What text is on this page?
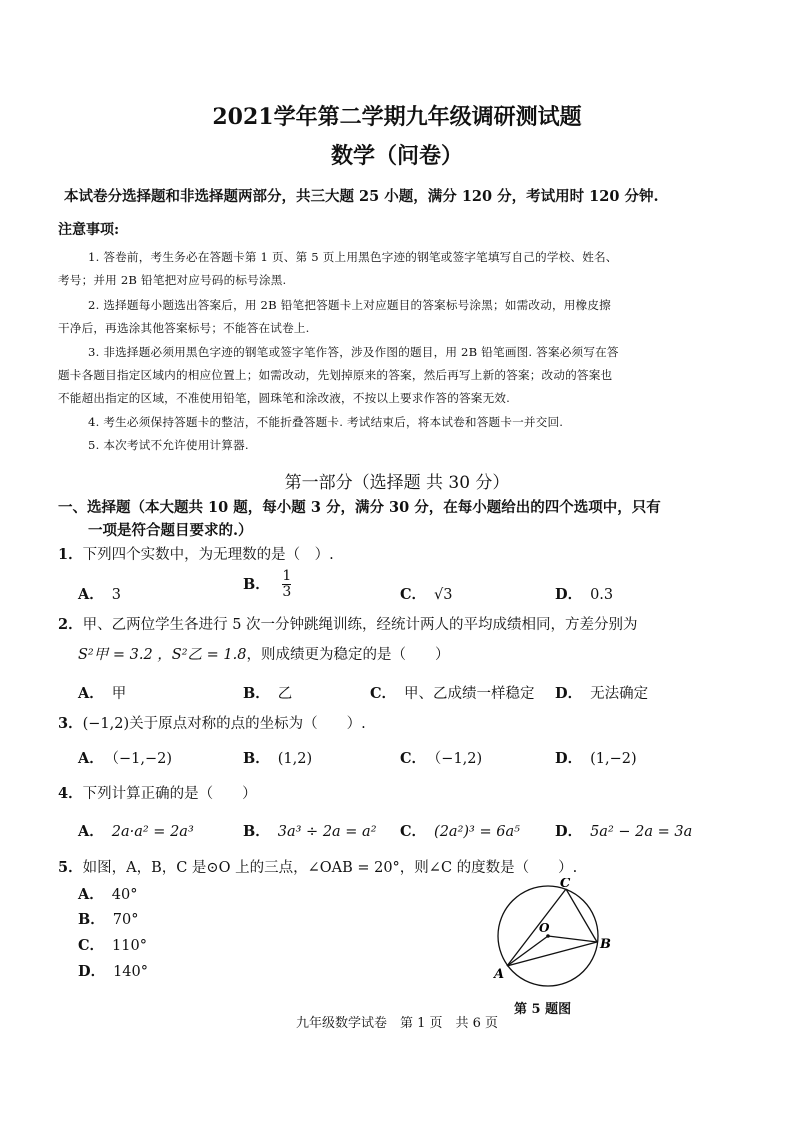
2021学年第二学期九年级调研测试题
数学（问卷）
本试卷分选择题和非选择题两部分，共三大题 25 小题，满分 120 分，考试用时 120 分钟.
注意事项:
1. 答卷前，考生务必在答题卡第 1 页、第 5 页上用黑色字迹的钢笔或签字笔填写自己的学校、姓名、
考号；并用 2B 铅笔把对应号码的标号涂黑.
2. 选择题每小题选出答案后，用 2B 铅笔把答题卡上对应题目的答案标号涂黑；如需改动，用橡皮擦
干净后，再选涂其他答案标号；不能答在试卷上.
3. 非选择题必须用黑色字迹的钢笔或签字笔作答，涉及作图的题目，用 2B 铅笔画图. 答案必须写在答
题卡各题目指定区域内的相应位置上；如需改动，先划掉原来的答案，然后再写上新的答案；改动的答案也
不能超出指定的区域，不准使用铅笔，圆珠笔和涂改液，不按以上要求作答的答案无效.
4. 考生必须保持答题卡的整洁，不能折叠答题卡. 考试结束后，将本试卷和答题卡一并交回.
5. 本次考试不允许使用计算器.
第一部分（选择题 共 30 分）
一、选择题（本大题共 10 题，每小题 3 分，满分 30 分，在每小题给出的四个选项中，只有
一项是符合题目要求的.）
1．下列四个实数中，为无理数的是（　）.
A． 3
B． $\frac{1}{3}$	C． √3	D． 0.3
2．甲、乙两位学生各进行 5 次一分钟跳绳训练，经统计两人的平均成绩相同，方差分别为
S²甲 = 3.2 ，S²乙 = 1.8，则成绩更为稳定的是（　　）
A． 甲	B． 乙	C． 甲、乙成绩一样稳定 D． 无法确定
3．(−1,2)关于原点对称的点的坐标为（　　）.
A． （−1,−2)	B． (1,2)	C． （−1,2)	D． (1,−2)
4．下列计算正确的是（　　）
A． 2a·a² = 2a³	B． 3a³ ÷ 2a = a² C． (2a²)³ = 6a⁵ D． 5a² − 2a = 3a
5．如图，A，B，C 是⊙O 上的三点，∠OAB = 20°，则∠C 的度数是（　　）.
A． 40°
B． 70°
C． 110°
D． 140°
C
O
B
A
第 5 题图
九年级数学试卷　第 1 页　共 6 页
